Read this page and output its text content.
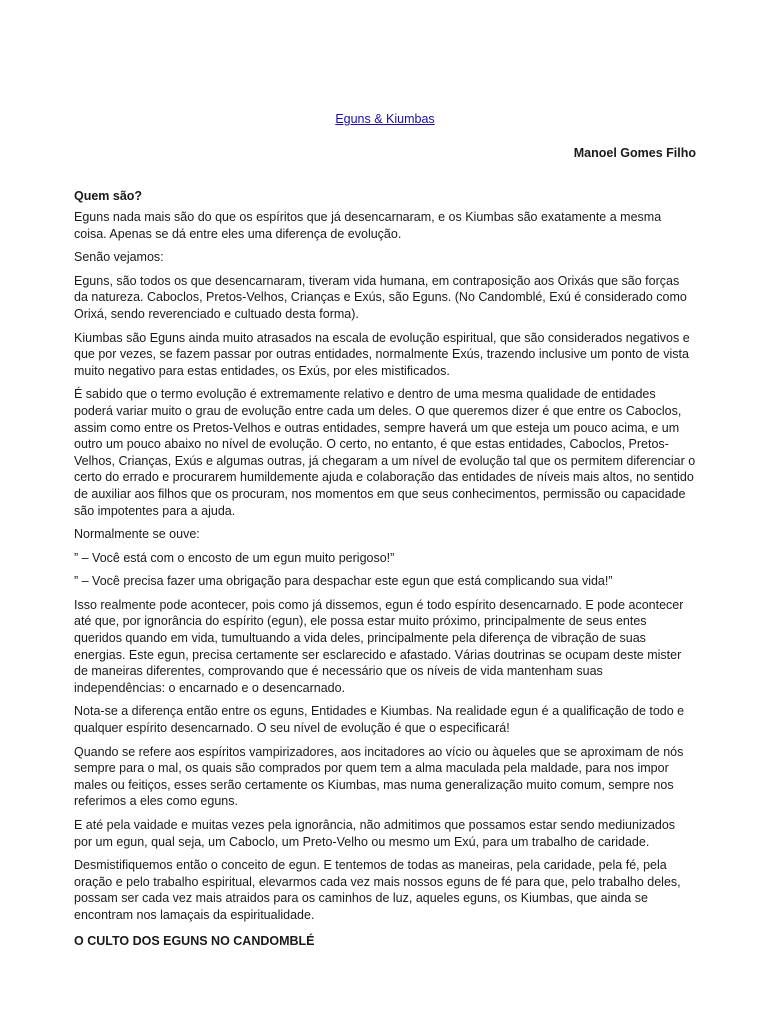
Eguns & Kiumbas

Manoel Gomes Filho

Quem são?

Eguns nada mais são do que os espíritos que já desencarnaram, e os Kiumbas são exatamente a mesma coisa. Apenas se dá entre eles uma diferença de evolução.

Senão vejamos:

Eguns, são todos os que desencarnaram, tiveram vida humana, em contraposição aos Orixás que são forças da natureza. Caboclos, Pretos-Velhos, Crianças e Exús, são Eguns. (No Candomblé, Exú é considerado como Orixá, sendo reverenciado e cultuado desta forma).

Kiumbas são Eguns ainda muito atrasados na escala de evolução espiritual, que são considerados negativos e que por vezes, se fazem passar por outras entidades, normalmente Exús, trazendo inclusive um ponto de vista muito negativo para estas entidades, os Exús, por eles mistificados.

É sabido que o termo evolução é extremamente relativo e dentro de uma mesma qualidade de entidades poderá variar muito o grau de evolução entre cada um deles. O que queremos dizer é que entre os Caboclos, assim como entre os Pretos-Velhos e outras entidades, sempre haverá um que esteja um pouco acima, e um outro um pouco abaixo no nível de evolução. O certo, no entanto, é que estas entidades, Caboclos, Pretos-Velhos, Crianças, Exús e algumas outras, já chegaram a um nível de evolução tal que os permitem diferenciar o certo do errado e procurarem humildemente ajuda e colaboração das entidades de níveis mais altos, no sentido de auxiliar aos filhos que os procuram, nos momentos em que seus conhecimentos, permissão ou capacidade são impotentes para a ajuda.

Normalmente se ouve:

” – Você está com o encosto de um egun muito perigoso!”

” – Você precisa fazer uma obrigação para despachar este egun que está complicando sua vida!”

Isso realmente pode acontecer, pois como já dissemos, egun é todo espírito desencarnado. E pode acontecer até que, por ignorância do espírito (egun), ele possa estar muito próximo, principalmente de seus entes queridos quando em vida, tumultuando a vida deles, principalmente pela diferença de vibração de suas energias. Este egun, precisa certamente ser esclarecido e afastado. Várias doutrinas se ocupam deste mister de maneiras diferentes, comprovando que é necessário que os níveis de vida mantenham suas independências: o encarnado e o desencarnado.

Nota-se a diferença então entre os eguns, Entidades e Kiumbas. Na realidade egun é a qualificação de todo e qualquer espírito desencarnado. O seu nível de evolução é que o especificará!

Quando se refere aos espíritos vampirizadores, aos incitadores ao vício ou àqueles que se aproximam de nós sempre para o mal, os quais são comprados por quem tem a alma maculada pela maldade, para nos impor males ou feitiços, esses serão certamente os Kiumbas, mas numa generalização muito comum, sempre nos referimos a eles como eguns.

E até pela vaidade e muitas vezes pela ignorância, não admitimos que possamos estar sendo mediunizados por um egun, qual seja, um Caboclo, um Preto-Velho ou mesmo um Exú, para um trabalho de caridade.

Desmistifiquemos então o conceito de egun. E tentemos de todas as maneiras, pela caridade, pela fé, pela oração e pelo trabalho espiritual, elevarmos cada vez mais nossos eguns de fé para que, pelo trabalho deles, possam ser cada vez mais atraidos para os caminhos de luz, aqueles eguns, os Kiumbas, que ainda se encontram nos lamaçais da espiritualidade.

O CULTO DOS EGUNS NO CANDOMBLÉ
